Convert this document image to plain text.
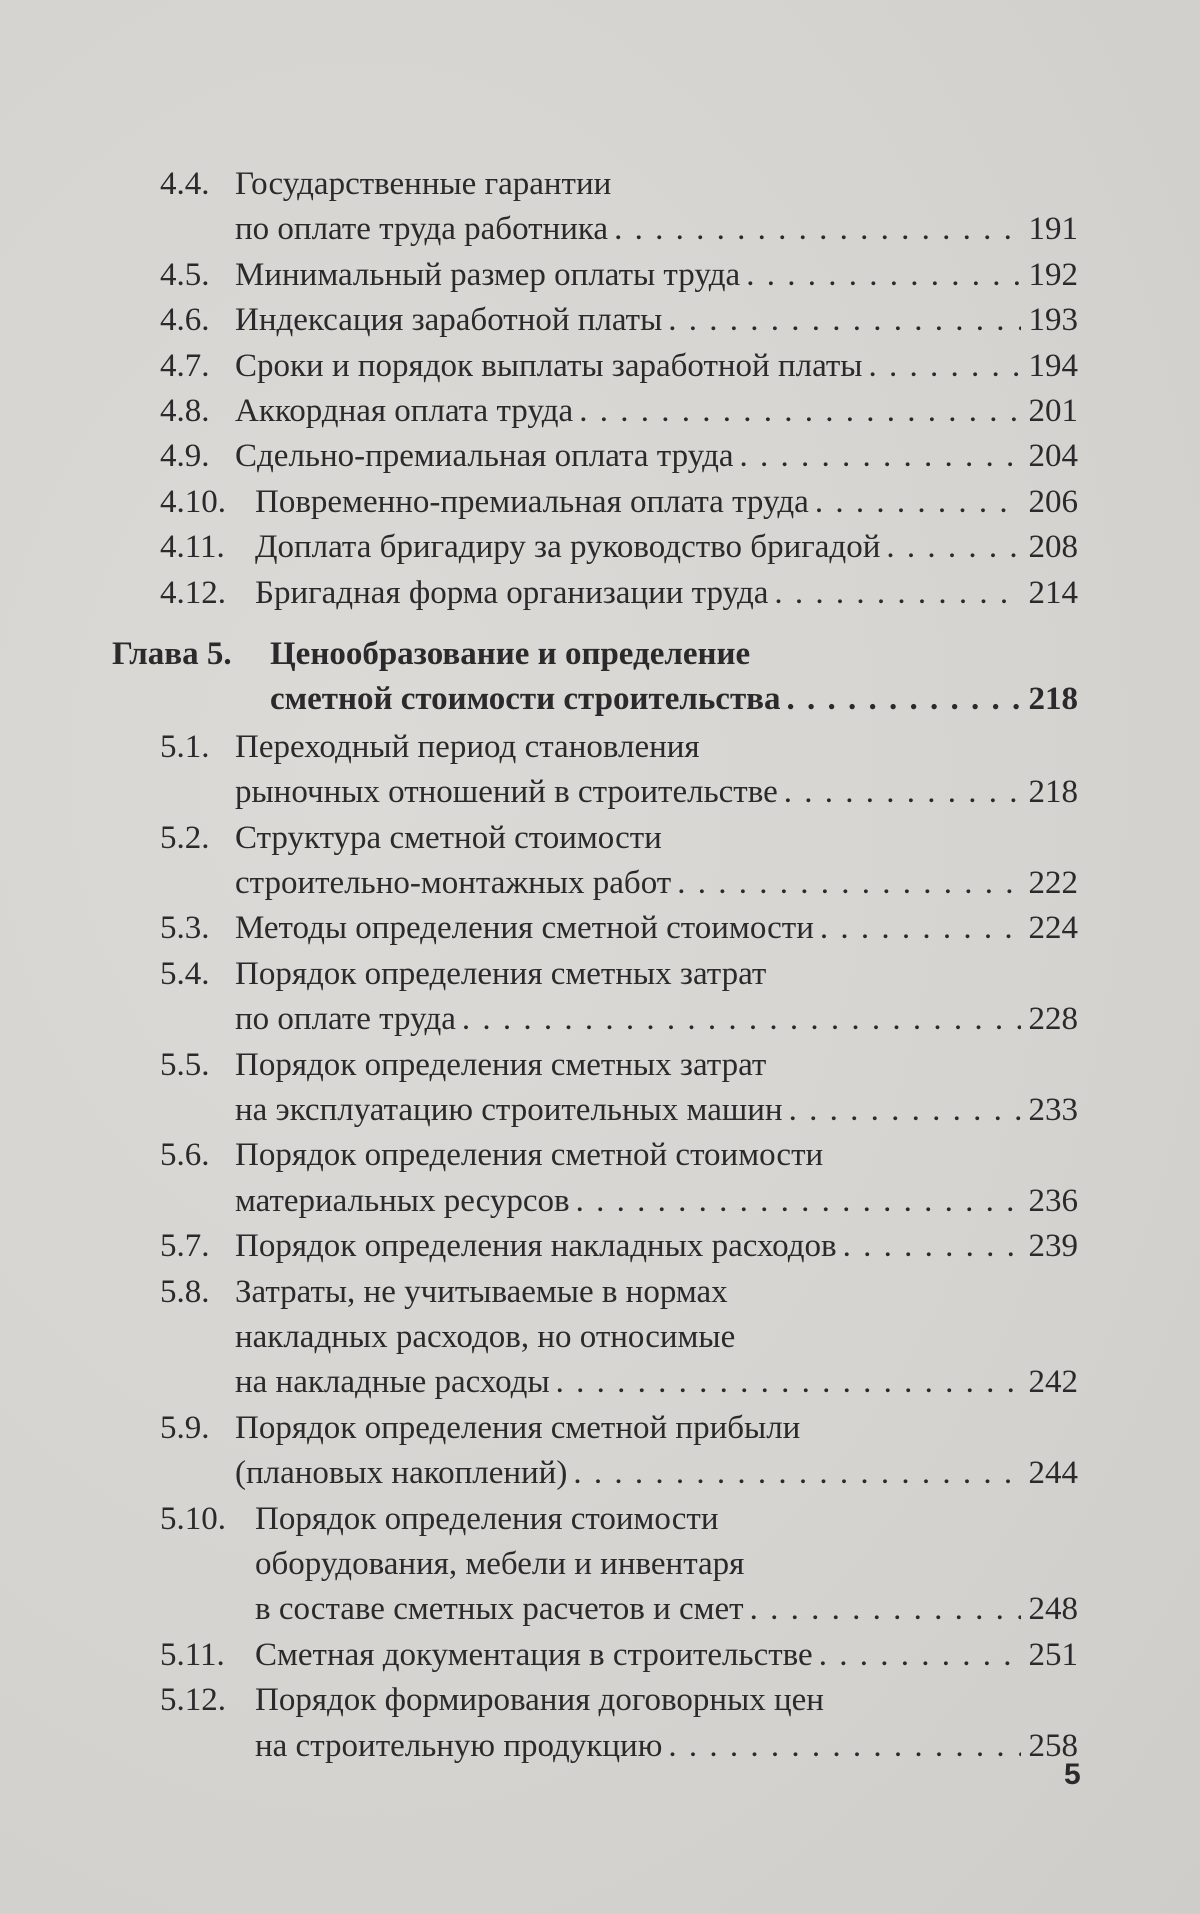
4.4. Государственные гарантии
по оплате труда работника . . .	191
4.5. Минимальный размер оплаты труда . . .	192
4.6. Индексация заработной платы . . .	193
4.7. Сроки и порядок выплаты заработной платы . . .	194
4.8. Аккордная оплата труда . . .	201
4.9. Сдельно-премиальная оплата труда . . .	204
4.10. Повременно-премиальная оплата труда . . .	206
4.11. Доплата бригадиру за руководство бригадой . . .	208
4.12. Бригадная форма организации труда . . .	214
Глава 5. Ценообразование и определение
сметной стоимости строительства . . .	218
5.1. Переходный период становления
рыночных отношений в строительстве . . .	218
5.2. Структура сметной стоимости
строительно-монтажных работ . . .	222
5.3. Методы определения сметной стоимости . . .	224
5.4. Порядок определения сметных затрат
по оплате труда . . .	228
5.5. Порядок определения сметных затрат
на эксплуатацию строительных машин . . .	233
5.6. Порядок определения сметной стоимости
материальных ресурсов . . .	236
5.7. Порядок определения накладных расходов . . .	239
5.8. Затраты, не учитываемые в нормах
накладных расходов, но относимые
на накладные расходы . . .	242
5.9. Порядок определения сметной прибыли
(плановых накоплений) . . .	244
5.10. Порядок определения стоимости
оборудования, мебели и инвентаря
в составе сметных расчетов и смет . . .	248
5.11. Сметная документация в строительстве . . .	251
5.12. Порядок формирования договорных цен
на строительную продукцию . . .	258
5
